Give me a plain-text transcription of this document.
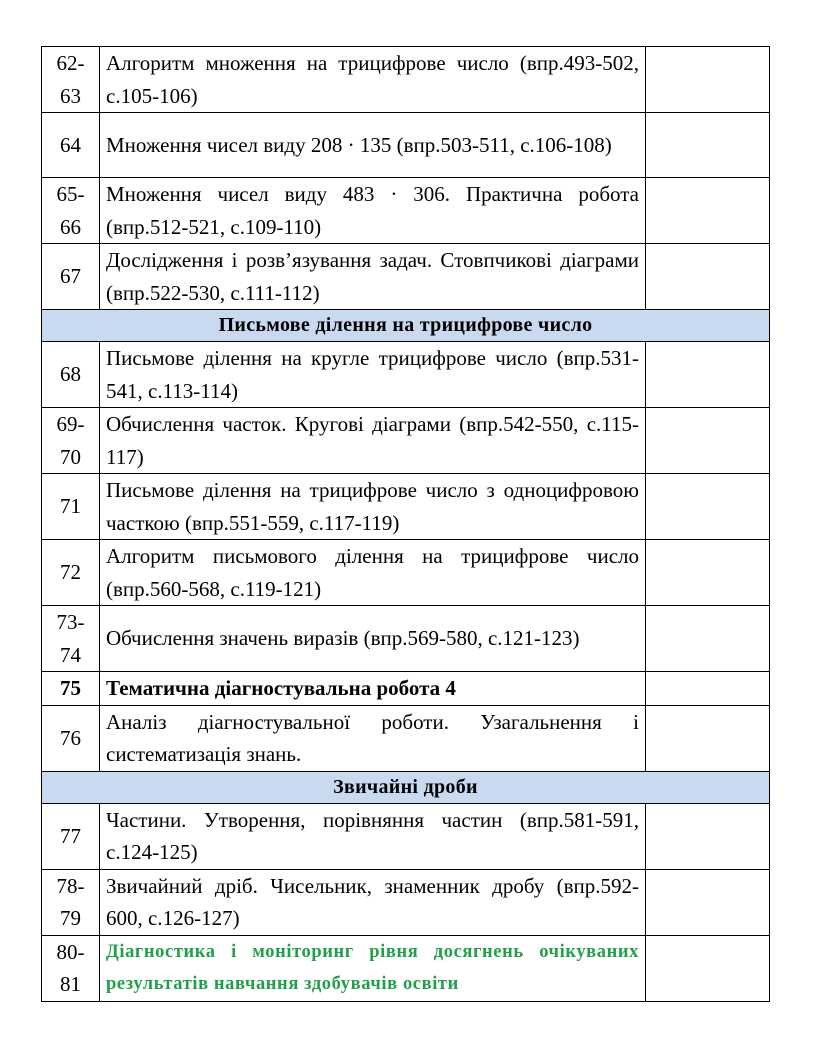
62-
63	Алгоритм множення на трицифрове число (впр.493-502, с.105-106)	
64	Множення чисел виду 208 · 135 (впр.503-511, с.106-108)	
65-
66	Множення чисел виду 483 · 306. Практична робота (впр.512-521, с.109-110)	
67	Дослідження і розв’язування задач. Стовпчикові діаграми (впр.522-530, с.111-112)	
Письмове ділення на трицифрове число		
68	Письмове ділення на кругле трицифрове число (впр.531-541, с.113-114)	
69-
70	Обчислення часток. Кругові діаграми (впр.542-550, с.115-117)	
71	Письмове ділення на трицифрове число з одноцифровою часткою (впр.551-559, с.117-119)	
72	Алгоритм письмового ділення на трицифрове число (впр.560-568, с.119-121)	
73-
74	Обчислення значень виразів (впр.569-580, с.121-123)	
75	Тематична діагностувальна робота 4	
76	Аналіз діагностувальної роботи. Узагальнення і систематизація знань.	
Звичайні дроби		
77	Частини. Утворення, порівняння частин (впр.581-591, с.124-125)	
78-
79	Звичайний дріб. Чисельник, знаменник дробу (впр.592-600, с.126-127)	
80-
81	Діагностика і моніторинг рівня досягнень очікуваних результатів навчання здобувачів освіти	
